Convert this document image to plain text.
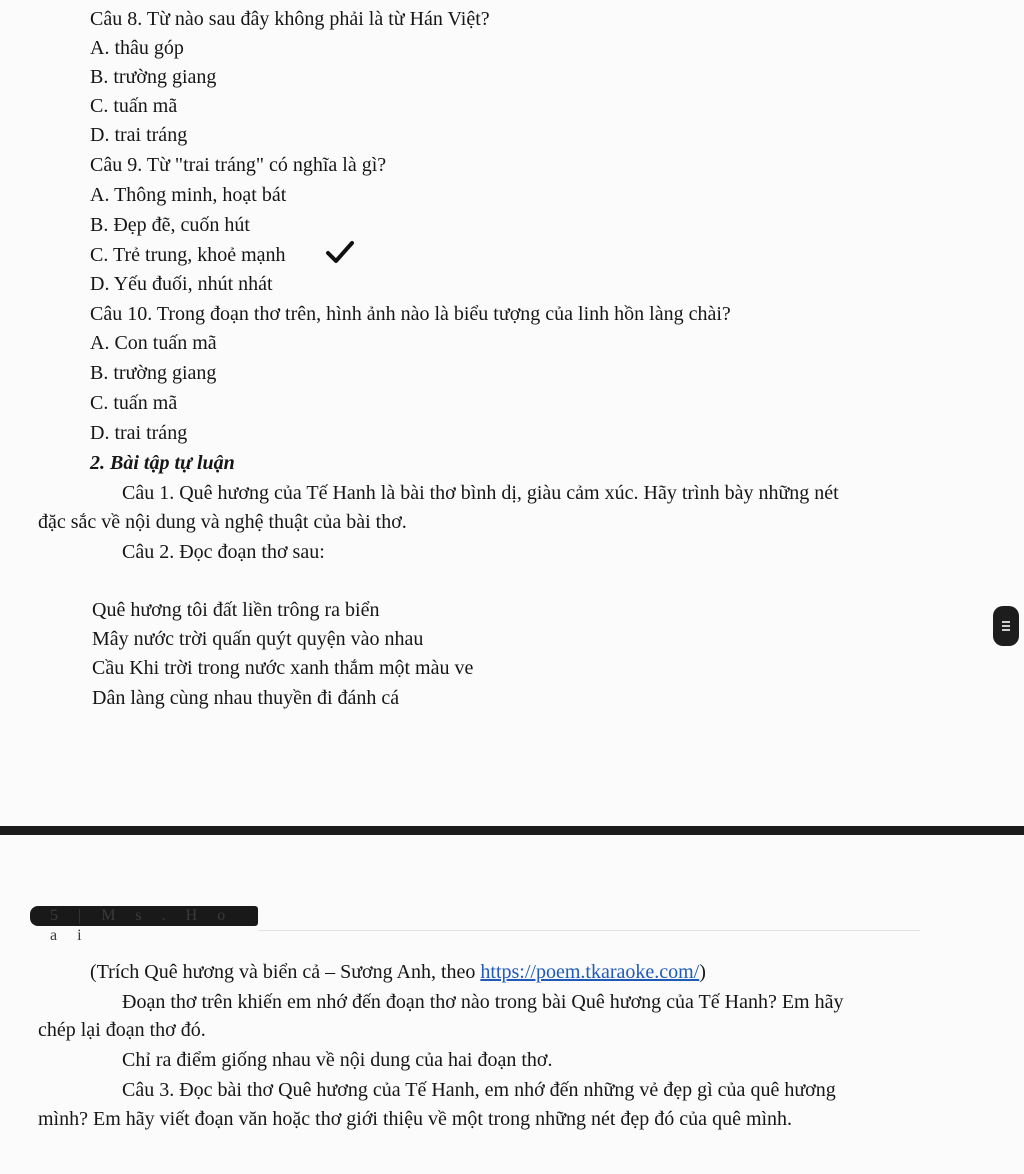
Câu 8. Từ nào sau đây không phải là từ Hán Việt?
A. thâu góp
B. trường giang
C. tuấn mã
D. trai tráng
Câu 9. Từ "trai tráng" có nghĩa là gì?
A. Thông minh, hoạt bát
B. Đẹp đẽ, cuốn hút
C. Trẻ trung, khoẻ mạnh
D. Yếu đuối, nhút nhát
Câu 10. Trong đoạn thơ trên, hình ảnh nào là biểu tượng của linh hồn làng chài?
A. Con tuấn mã
B. trường giang
C. tuấn mã
D. trai tráng
2. Bài tập tự luận
Câu 1. Quê hương của Tế Hanh là bài thơ bình dị, giàu cảm xúc. Hãy trình bày những nét
đặc sắc về nội dung và nghệ thuật của bài thơ.
Câu 2. Đọc đoạn thơ sau:
Quê hương tôi đất liền trông ra biển
Mây nước trời quấn quýt quyện vào nhau
Cầu Khi trời trong nước xanh thắm một màu ve
Dân làng cùng nhau thuyền đi đánh cá
5 | M s . H o a i
(Trích Quê hương và biển cả – Sương Anh, theo https://poem.tkaraoke.com/)
Đoạn thơ trên khiến em nhớ đến đoạn thơ nào trong bài Quê hương của Tế Hanh? Em hãy
chép lại đoạn thơ đó.
Chỉ ra điểm giống nhau về nội dung của hai đoạn thơ.
Câu 3. Đọc bài thơ Quê hương của Tế Hanh, em nhớ đến những vẻ đẹp gì của quê hương
mình? Em hãy viết đoạn văn hoặc thơ giới thiệu về một trong những nét đẹp đó của quê mình.
